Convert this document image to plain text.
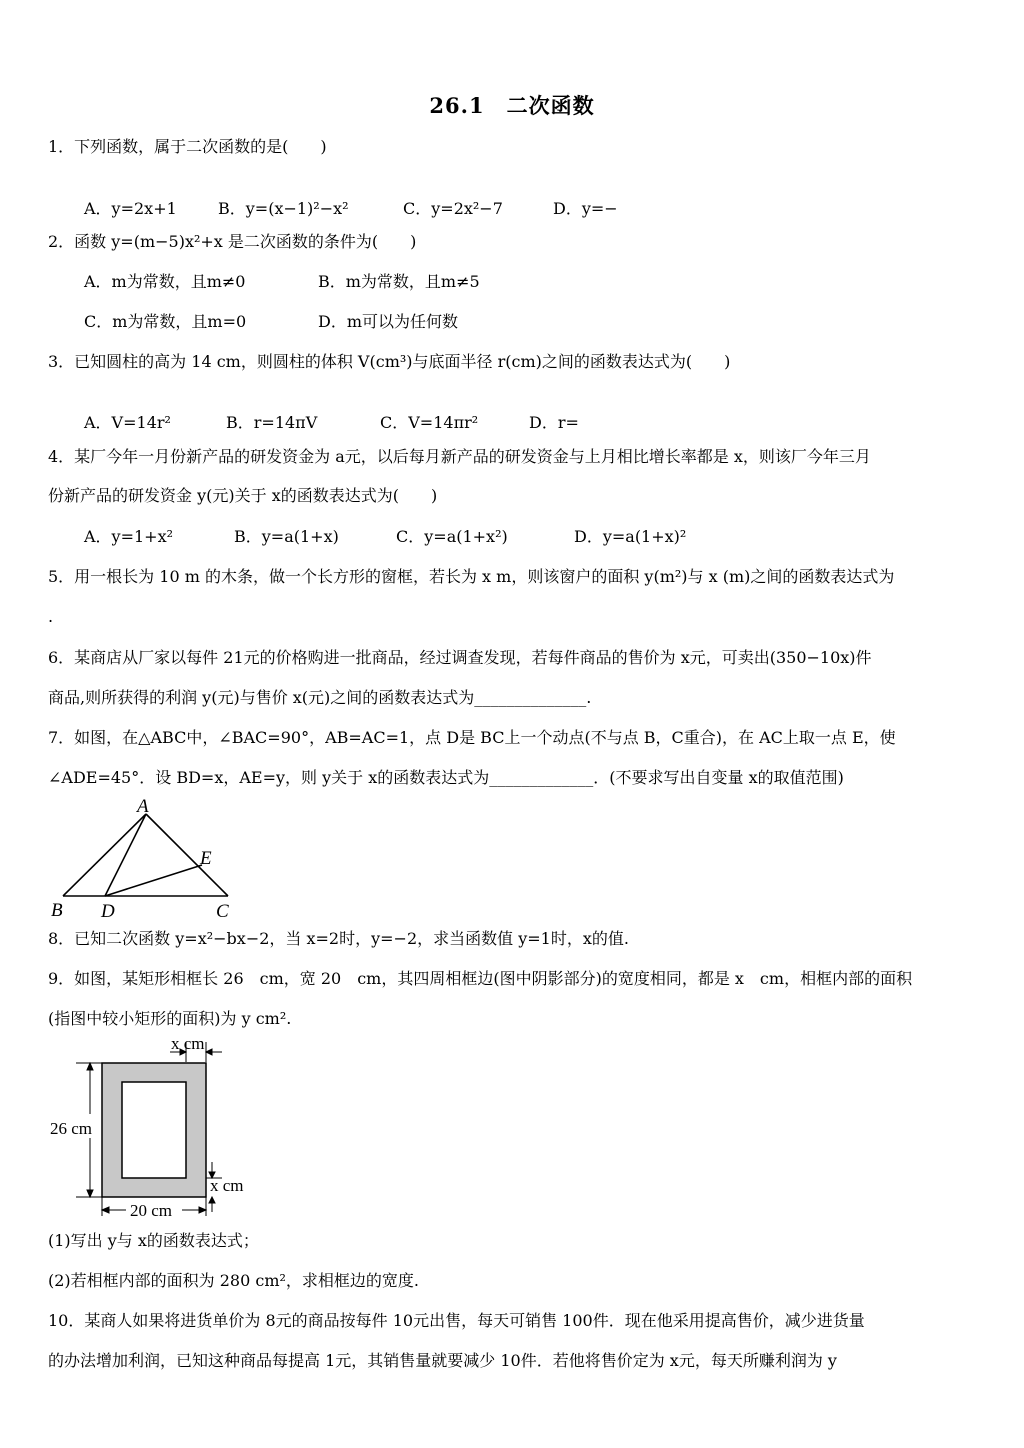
26.1　二次函数
1．下列函数，属于二次函数的是(　　)
A．y=2x+1	B．y=(x−1)²−x²	C．y=2x²−7	D．y=−
2．函数 y=(m−5)x²+x 是二次函数的条件为(　　)
A．m为常数，且m≠0	B．m为常数，且m≠5
C．m为常数，且m=0	D．m可以为任何数
3．已知圆柱的高为 14 cm，则圆柱的体积 V(cm³)与底面半径 r(cm)之间的函数表达式为(　　)
A．V=14r²	B．r=14πV	C．V=14πr²	D．r=
4．某厂今年一月份新产品的研发资金为 a元，以后每月新产品的研发资金与上月相比增长率都是 x，则该厂今年三月
份新产品的研发资金 y(元)关于 x的函数表达式为(　　)
A．y=1+x²	B．y=a(1+x)	C．y=a(1+x²)	D．y=a(1+x)²
5．用一根长为 10 m 的木条，做一个长方形的窗框，若长为 x m，则该窗户的面积 y(m²)与 x (m)之间的函数表达式为
.
6．某商店从厂家以每件 21元的价格购进一批商品，经过调查发现，若每件商品的售价为 x元，可卖出(350−10x)件
商品,则所获得的利润 y(元)与售价 x(元)之间的函数表达式为______________.
7．如图，在△ABC中，∠BAC=90°，AB=AC=1，点 D是 BC上一个动点(不与点 B，C重合)，在 AC上取一点 E，使
∠ADE=45°．设 BD=x，AE=y，则 y关于 x的函数表达式为_____________．(不要求写出自变量 x的取值范围)
A
B	C
D
E
8．已知二次函数 y=x²−bx−2，当 x=2时，y=−2，求当函数值 y=1时，x的值.
9．如图，某矩形相框长 26　cm，宽 20　cm，其四周相框边(图中阴影部分)的宽度相同，都是 x　cm，相框内部的面积
(指图中较小矩形的面积)为 y cm².
x cm
26 cm
x cm
20 cm
(1)写出 y与 x的函数表达式；
(2)若相框内部的面积为 280 cm²，求相框边的宽度.
10．某商人如果将进货单价为 8元的商品按每件 10元出售，每天可销售 100件．现在他采用提高售价，减少进货量
的办法增加利润，已知这种商品每提高 1元，其销售量就要减少 10件．若他将售价定为 x元，每天所赚利润为 y
